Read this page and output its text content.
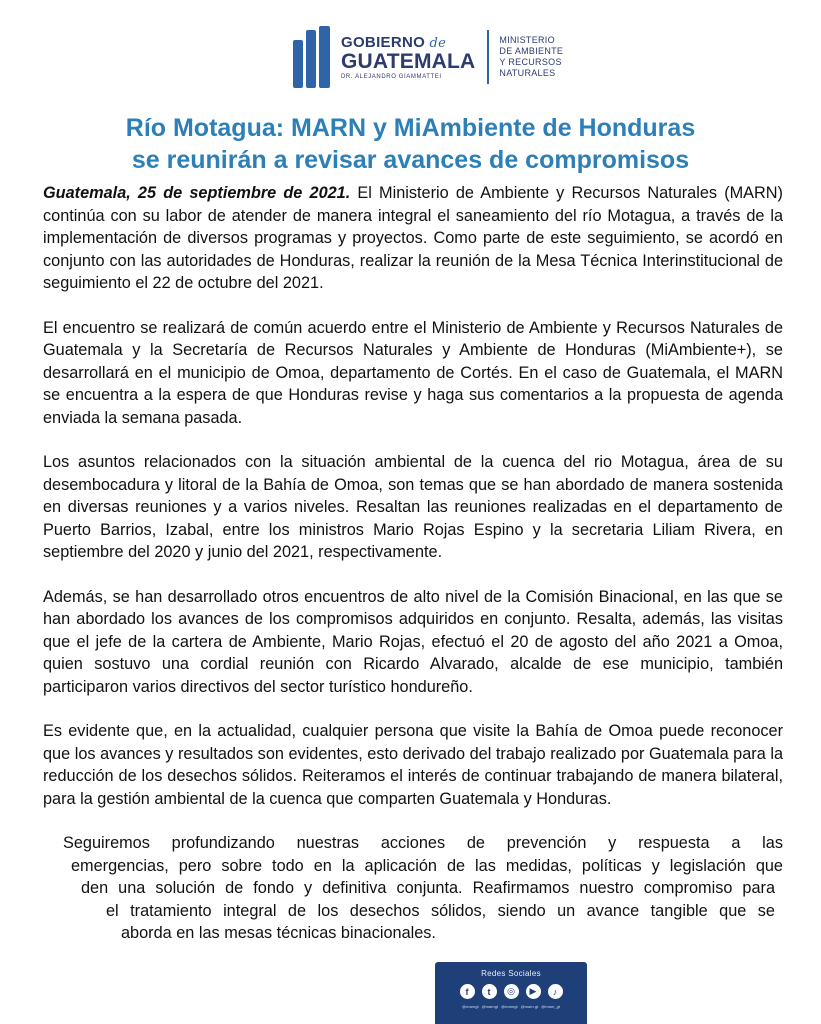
GOBIERNO de
GUATEMALA
DR. ALEJANDRO GIAMMATTEI
MINISTERIO
DE AMBIENTE
Y RECURSOS
NATURALES
Río Motagua: MARN y MiAmbiente de Honduras
se reunirán a revisar avances de compromisos

Guatemala, 25 de septiembre de 2021. El Ministerio de Ambiente y Recursos Naturales (MARN) continúa con su labor de atender de manera integral el saneamiento del río Motagua, a través de la implementación de diversos programas y proyectos. Como parte de este seguimiento, se acordó en conjunto con las autoridades de Honduras, realizar la reunión de la Mesa Técnica Interinstitucional de seguimiento el 22 de octubre del 2021.

El encuentro se realizará de común acuerdo entre el Ministerio de Ambiente y Recursos Naturales de Guatemala y la Secretaría de Recursos Naturales y Ambiente de Honduras (MiAmbiente+), se desarrollará en el municipio de Omoa, departamento de Cortés. En el caso de Guatemala, el MARN se encuentra a la espera de que Honduras revise y haga sus comentarios a la propuesta de agenda enviada la semana pasada.

Los asuntos relacionados con la situación ambiental de la cuenca del rio Motagua, área de su desembocadura y litoral de la Bahía de Omoa, son temas que se han abordado de manera sostenida en diversas reuniones y a varios niveles. Resaltan las reuniones realizadas en el departamento de Puerto Barrios, Izabal, entre los ministros Mario Rojas Espino y la secretaria Liliam Rivera, en septiembre del 2020 y junio del 2021, respectivamente.

Además, se han desarrollado otros encuentros de alto nivel de la Comisión Binacional, en las que se han abordado los avances de los compromisos adquiridos en conjunto. Resalta, además, las visitas que el jefe de la cartera de Ambiente, Mario Rojas, efectuó el 20 de agosto del año 2021 a Omoa, quien sostuvo una cordial reunión con Ricardo Alvarado, alcalde de ese municipio, también participaron varios directivos del sector turístico hondureño.

Es evidente que, en la actualidad, cualquier persona que visite la Bahía de Omoa puede reconocer que los avances y resultados son evidentes, esto derivado del trabajo realizado por Guatemala para la reducción de los desechos sólidos. Reiteramos el interés de continuar trabajando de manera bilateral, para la gestión ambiental de la cuenca que comparten Guatemala y Honduras.

Seguiremos profundizando nuestras acciones de prevención y respuesta a las
emergencias, pero sobre todo en la aplicación de las medidas, políticas y legislación que
den una solución de fondo y definitiva conjunta. Reafirmamos nuestro compromiso para
el tratamiento integral de los desechos sólidos, siendo un avance tangible que se
aborda en las mesas técnicas binacionales.

Redes Sociales
f	t	◎	▶	♪
@marngt @marngt @marngt @marn.gt @marn_gt
